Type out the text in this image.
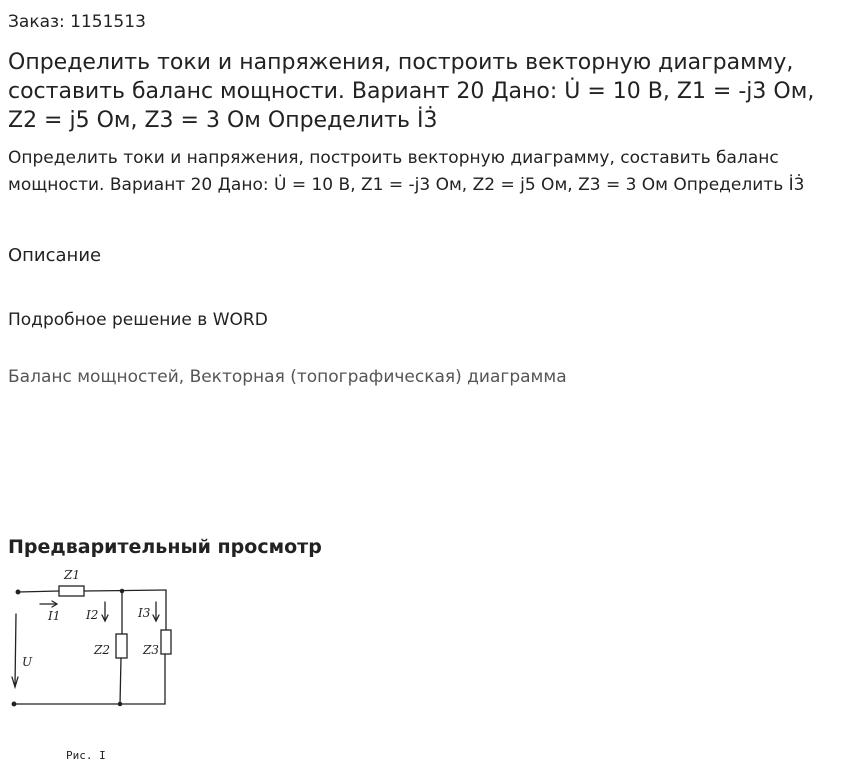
Заказ: 1151513
Определить токи и напряжения, построить векторную диаграмму, составить баланс мощности. Вариант 20 Дано: U̇ = 10 В, Z1 = -j3 Ом, Z2 = j5 Ом, Z3 = 3 Ом Определить İ3̇

Определить токи и напряжения, построить векторную диаграмму, составить баланс мощности. Вариант 20 Дано: U̇ = 10 В, Z1 = -j3 Ом, Z2 = j5 Ом, Z3 = 3 Ом Определить İ3̇

Описание
Подробное решение в WORD
Баланс мощностей, Векторная (топографическая) диаграмма
Предварительный просмотр
Z1
I1 I2	I3
U
Z2	Z3
Рис. I
